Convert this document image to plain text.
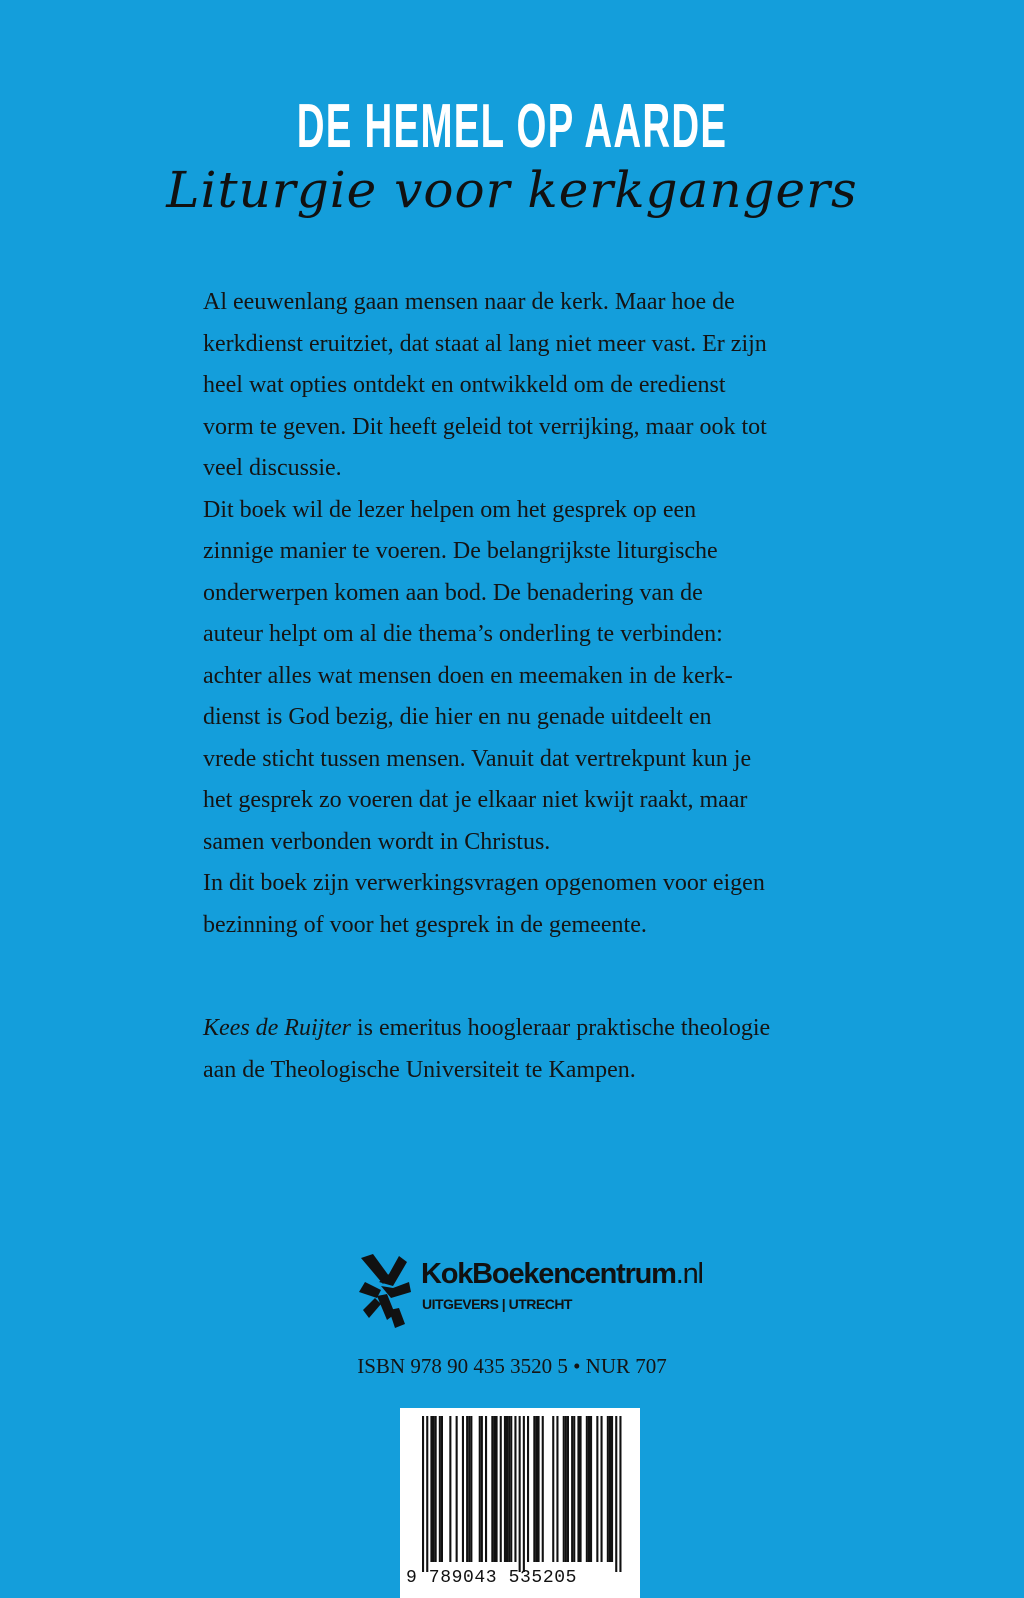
DE HEMEL OP AARDE
Liturgie voor kerkgangers

Al eeuwenlang gaan mensen naar de kerk. Maar hoe de
kerkdienst eruitziet, dat staat al lang niet meer vast. Er zijn
heel wat opties ontdekt en ontwikkeld om de eredienst
vorm te geven. Dit heeft geleid tot verrijking, maar ook tot
veel discussie.

Dit boek wil de lezer helpen om het gesprek op een
zinnige manier te voeren. De belangrijkste liturgische
onderwerpen komen aan bod. De benadering van de
auteur helpt om al die thema’s onderling te verbinden:
achter alles wat mensen doen en meemaken in de kerk-
dienst is God bezig, die hier en nu genade uitdeelt en
vrede sticht tussen mensen. Vanuit dat vertrekpunt kun je
het gesprek zo voeren dat je elkaar niet kwijt raakt, maar
samen verbonden wordt in Christus.

In dit boek zijn verwerkingsvragen opgenomen voor eigen
bezinning of voor het gesprek in de gemeente.

Kees de Ruijter is emeritus hoogleraar praktische theologie
aan de Theologische Universiteit te Kampen.
KokBoekencentrum.nl
UITGEVERS | UTRECHT
ISBN 978 90 435 3520 5 • NUR 707
9 789043 535205
